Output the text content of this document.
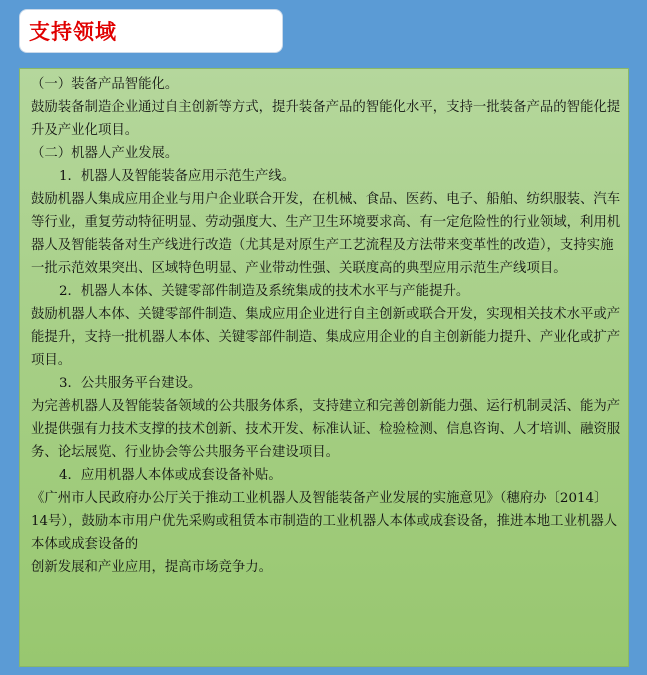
支持领域

（一）装备产品智能化。

鼓励装备制造企业通过自主创新等方式，提升装备产品的智能化水平，支持一批装备产品的智能化提升及产业化项目。

（二）机器人产业发展。

1．机器人及智能装备应用示范生产线。

鼓励机器人集成应用企业与用户企业联合开发，在机械、食品、医药、电子、船舶、纺织服装、汽车等行业，重复劳动特征明显、劳动强度大、生产卫生环境要求高、有一定危险性的行业领域，利用机器人及智能装备对生产线进行改造（尤其是对原生产工艺流程及方法带来变革性的改造），支持实施一批示范效果突出、区域特色明显、产业带动性强、关联度高的典型应用示范生产线项目。

2．机器人本体、关键零部件制造及系统集成的技术水平与产能提升。

鼓励机器人本体、关键零部件制造、集成应用企业进行自主创新或联合开发，实现相关技术水平或产能提升，支持一批机器人本体、关键零部件制造、集成应用企业的自主创新能力提升、产业化或扩产项目。

3．公共服务平台建设。

为完善机器人及智能装备领域的公共服务体系，支持建立和完善创新能力强、运行机制灵活、能为产业提供强有力技术支撑的技术创新、技术开发、标准认证、检验检测、信息咨询、人才培训、融资服务、论坛展览、行业协会等公共服务平台建设项目。

4．应用机器人本体或成套设备补贴。

《广州市人民政府办公厅关于推动工业机器人及智能装备产业发展的实施意见》（穗府办〔2014〕14号），鼓励本市用户优先采购或租赁本市制造的工业机器人本体或成套设备，推进本地工业机器人本体或成套设备的

创新发展和产业应用，提高市场竞争力。
